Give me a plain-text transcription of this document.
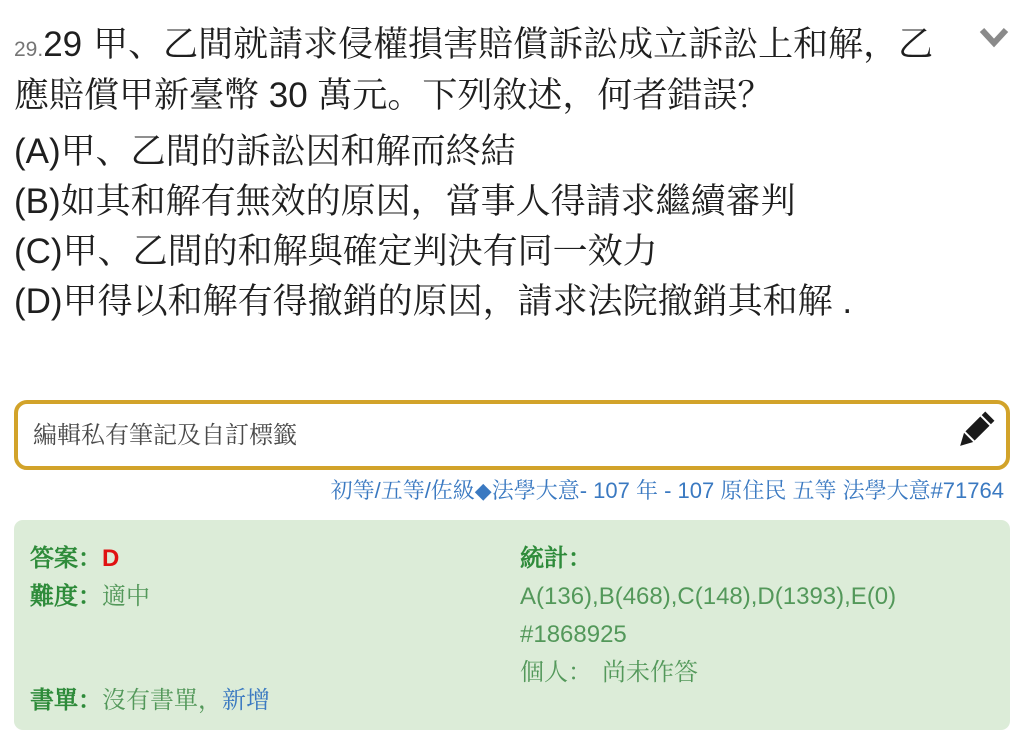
29.29 甲、乙間就請求侵權損害賠償訴訟成立訴訟上和解，乙應賠償甲新臺幣 30 萬元。下列敘述，何者錯誤？
(A)甲、乙間的訴訟因和解而終結
(B)如其和解有無效的原因，當事人得請求繼續審判
(C)甲、乙間的和解與確定判決有同一效力
(D)甲得以和解有得撤銷的原因，請求法院撤銷其和解 .
編輯私有筆記及自訂標籤
初等/五等/佐級◆法學大意- 107 年 - 107 原住民 五等 法學大意#71764
答案：D
難度：適中
書單：沒有書單，新增
統計：
A(136),B(468),C(148),D(1393),E(0)
#1868925
個人： 尚未作答
